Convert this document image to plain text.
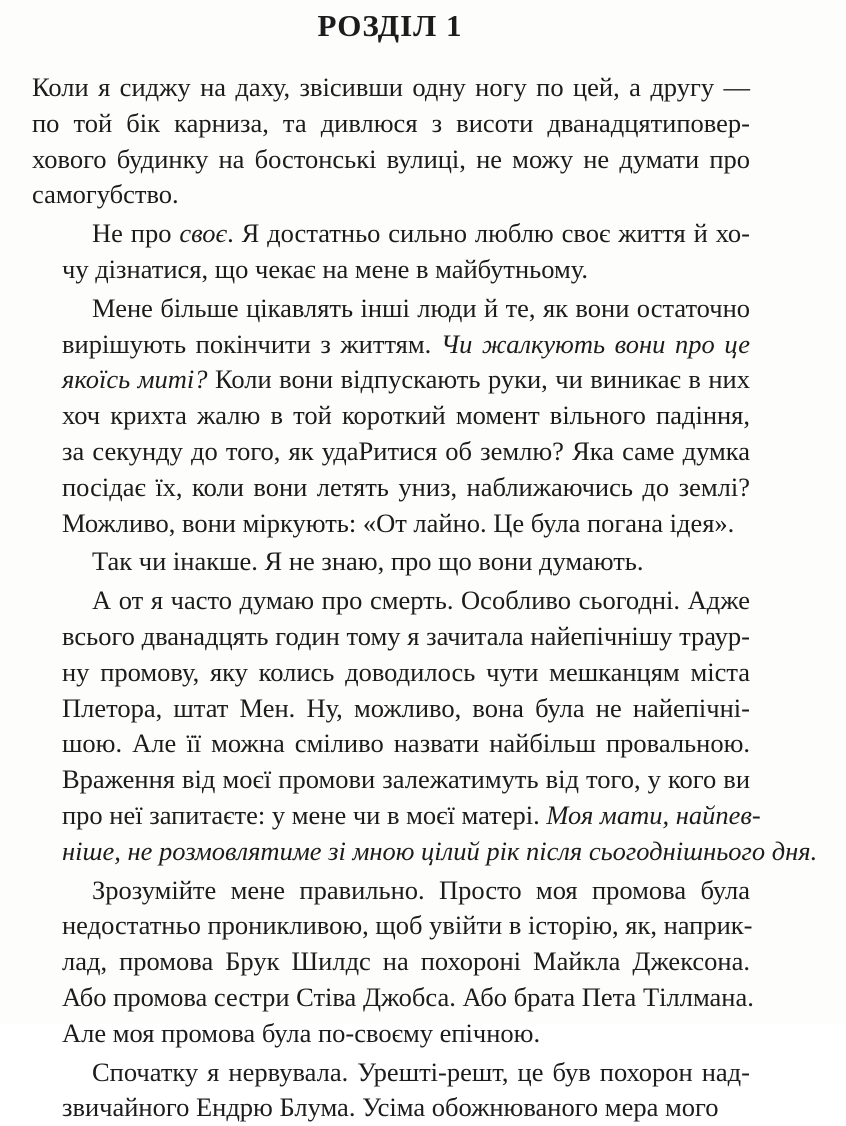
РОЗДІЛ 1
Коли я сиджу на даху, звісивши одну ногу по цей, а другу —
по той бік карниза, та дивлюся з висоти дванадцятиповер-
хового будинку на бостонські вулиці, не можу не думати про
самогубство.
Не про своє. Я достатньо сильно люблю своє життя й хо-
чу дізнатися, що чекає на мене в майбутньому.
Мене більше цікавлять інші люди й те, як вони остаточно
вирішують покінчити з життям. Чи жалкують вони про це
якоїсь миті? Коли вони відпускають руки, чи виникає в них
хоч крихта жалю в той короткий момент вільного падіння,
за секунду до того, як удаРитися об землю? Яка саме думка
посідає їх, коли вони летять униз, наближаючись до землі?
Можливо, вони міркують: «От лайно. Це була погана ідея».
Так чи інакше. Я не знаю, про що вони думають.
А от я часто думаю про смерть. Особливо сьогодні. Адже
всього дванадцять годин тому я зачитала найепічнішу траур-
ну промову, яку колись доводилось чути мешканцям міста
Плетора, штат Мен. Ну, можливо, вона була не найепічні-
шою. Але її можна сміливо назвати найбільш провальною.
Враження від моєї промови залежатимуть від того, у кого ви
про неї запитаєте: у мене чи в моєї матері. Моя мати, найпев-
ніше, не розмовлятиме зі мною цілий рік після сьогоднішнього дня.
Зрозумійте мене правильно. Просто моя промова була
недостатньо проникливою, щоб увійти в історію, як, наприк-
лад, промова Брук Шилдс на похороні Майкла Джексона.
Або промова сестри Стіва Джобса. Або брата Пета Тіллмана.
Але моя промова була по-своєму епічною.
Спочатку я нервувала. Урешті-решт, це був похорон над-
звичайного Ендрю Блума. Усіма обожнюваного мера мого
